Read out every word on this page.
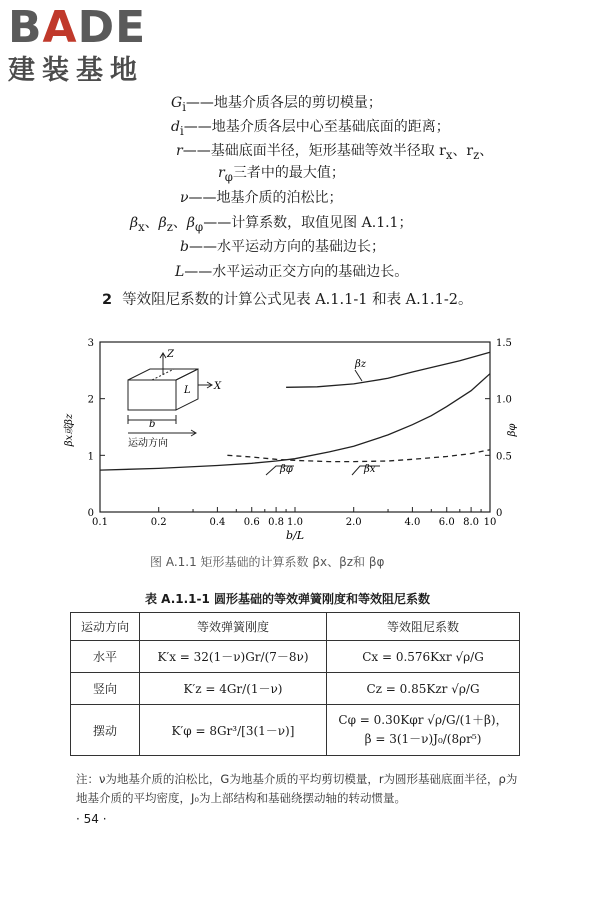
BADE
建装基地
$G_i——$地基介质各层的剪切模量；
$d_i——$地基介质各层中心至基础底面的距离；
r——基础底面半径，矩形基础等效半径取 $r_x$、$r_z$、
$r_\varphi$三者中的最大值；
ν——地基介质的泊松比；
$\beta_x$、$\beta_z$、$\beta_\varphi——$计算系数，取值见图 A.1.1；
b——水平运动方向的基础边长；
L——水平运动正交方向的基础边长。
2 等效阻尼系数的计算公式见表 A.1.1-1 和表 A.1.1-2。
0.1	0.2	0.4 0.6 0.8 1.0	2.0	4.0 6.0 8.0 10
0
1
2
3
0
0.5
1.0
1.5
b/L
βx或βz	βφ
Z
X
L
b
运动方向
βz
βφ	βx
图 A.1.1 矩形基础的计算系数 βx、βz和 βφ
表 A.1.1-1 圆形基础的等效弹簧刚度和等效阻尼系数
运动方向	等效弹簧刚度	等效阻尼系数
水平	K′x = 32(1－ν)Gr/(7－8ν)	Cx = 0.576Kxr √ρ/G
竖向	K′z = 4Gr/(1－ν)	Cz = 0.85Kzr √ρ/G
摆动	K′φ = 8Gr³/[3(1－ν)]	Cφ = 0.30Kφr √ρ/G/(1＋β)，
β = 3(1－ν)J₀/(8ρr⁵)
注：ν为地基介质的泊松比，G为地基介质的平均剪切模量，r为圆形基础底面半径，ρ为地基介质的平均密度，J₀为上部结构和基础绕摆动轴的转动惯量。
· 54 ·
